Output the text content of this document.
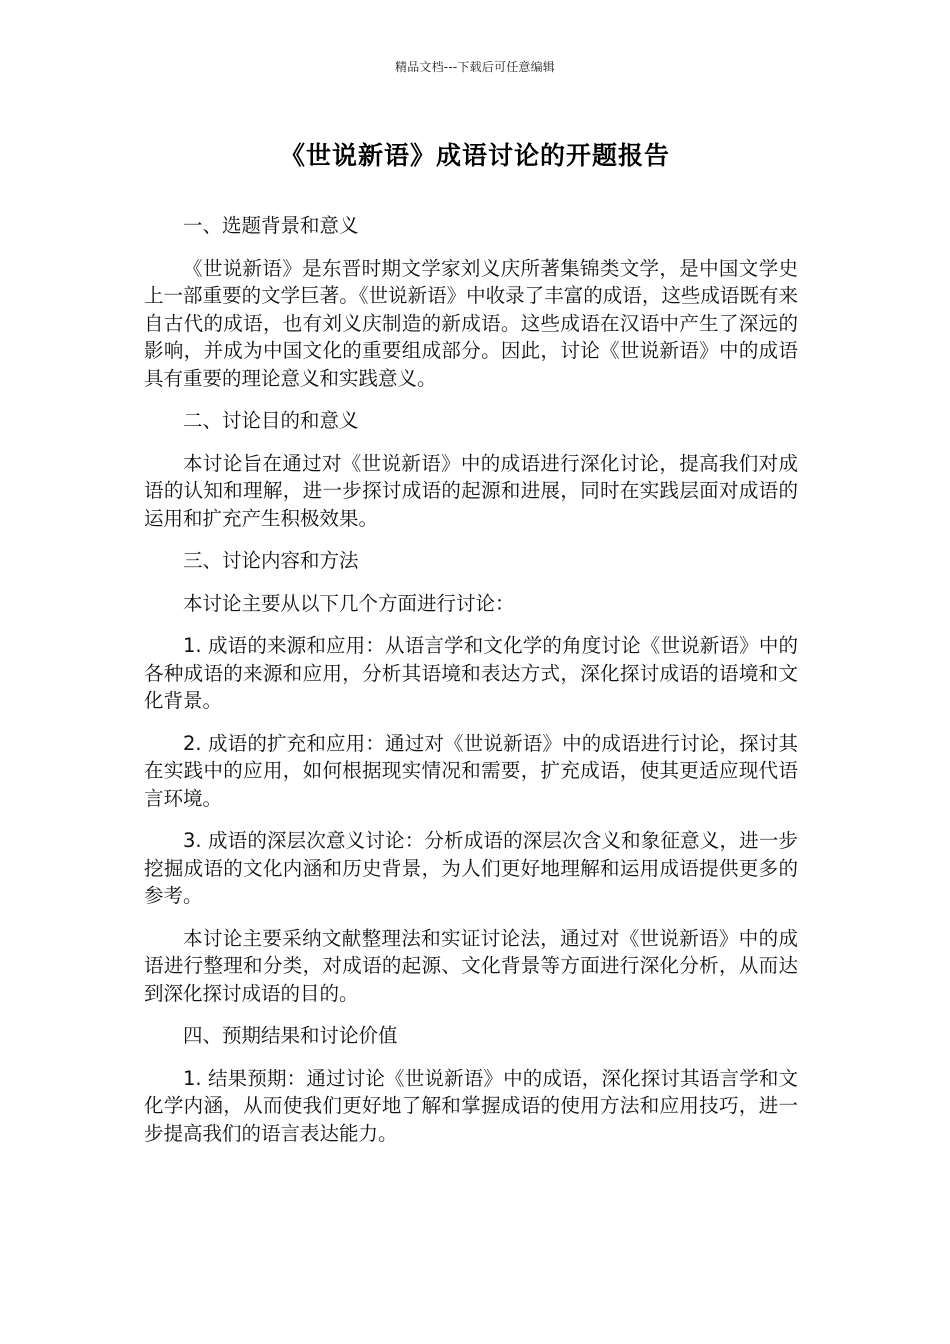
精品文档---下载后可任意编辑
《世说新语》成语讨论的开题报告

一、选题背景和意义

《世说新语》是东晋时期文学家刘义庆所著集锦类文学，是中国文学史上一部重要的文学巨著。《世说新语》中收录了丰富的成语，这些成语既有来自古代的成语，也有刘义庆制造的新成语。这些成语在汉语中产生了深远的影响，并成为中国文化的重要组成部分。因此，讨论《世说新语》中的成语具有重要的理论意义和实践意义。

二、讨论目的和意义

本讨论旨在通过对《世说新语》中的成语进行深化讨论，提高我们对成语的认知和理解，进一步探讨成语的起源和进展，同时在实践层面对成语的运用和扩充产生积极效果。

三、讨论内容和方法

本讨论主要从以下几个方面进行讨论：

1. 成语的来源和应用：从语言学和文化学的角度讨论《世说新语》中的各种成语的来源和应用，分析其语境和表达方式，深化探讨成语的语境和文化背景。

2. 成语的扩充和应用：通过对《世说新语》中的成语进行讨论，探讨其在实践中的应用，如何根据现实情况和需要，扩充成语，使其更适应现代语言环境。

3. 成语的深层次意义讨论：分析成语的深层次含义和象征意义，进一步挖掘成语的文化内涵和历史背景，为人们更好地理解和运用成语提供更多的参考。

本讨论主要采纳文献整理法和实证讨论法，通过对《世说新语》中的成语进行整理和分类，对成语的起源、文化背景等方面进行深化分析，从而达到深化探讨成语的目的。

四、预期结果和讨论价值

1. 结果预期：通过讨论《世说新语》中的成语，深化探讨其语言学和文化学内涵，从而使我们更好地了解和掌握成语的使用方法和应用技巧，进一步提高我们的语言表达能力。
